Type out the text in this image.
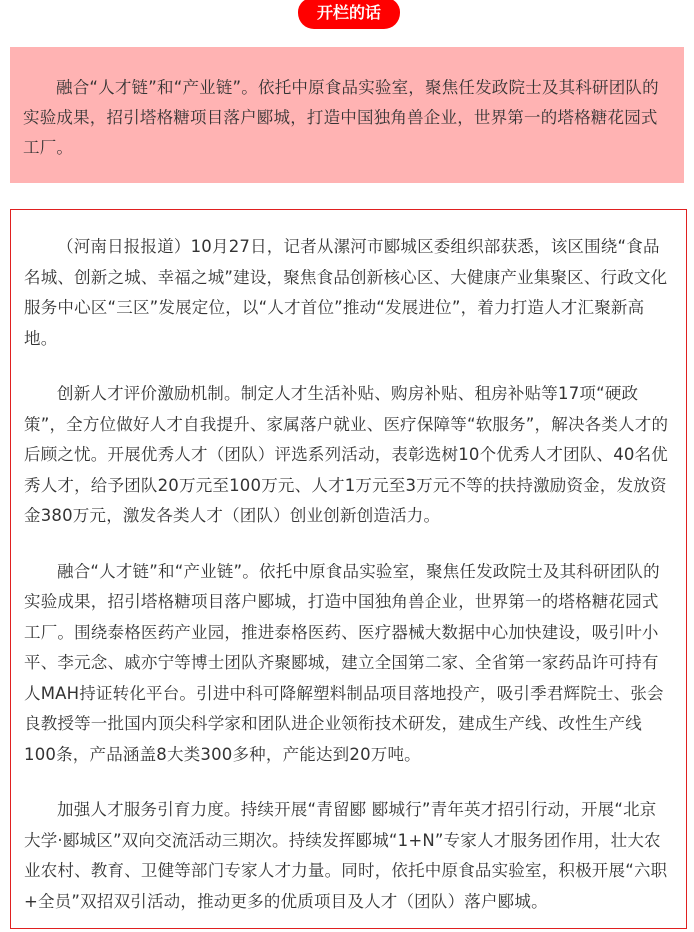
开栏的话

融合“人才链”和“产业链”。依托中原食品实验室，聚焦任发政院士及其科研团队的实验成果，招引塔格糖项目落户郾城，打造中国独角兽企业，世界第一的塔格糖花园式工厂。

（河南日报报道）10月27日，记者从漯河市郾城区委组织部获悉，该区围绕“食品名城、创新之城、幸福之城”建设，聚焦食品创新核心区、大健康产业集聚区、行政文化服务中心区“三区”发展定位，以“人才首位”推动“发展进位”，着力打造人才汇聚新高地。

创新人才评价激励机制。制定人才生活补贴、购房补贴、租房补贴等17项“硬政策”，全方位做好人才自我提升、家属落户就业、医疗保障等“软服务”，解决各类人才的后顾之忧。开展优秀人才（团队）评选系列活动，表彰选树10个优秀人才团队、40名优秀人才，给予团队20万元至100万元、人才1万元至3万元不等的扶持激励资金，发放资金380万元，激发各类人才（团队）创业创新创造活力。

融合“人才链”和“产业链”。依托中原食品实验室，聚焦任发政院士及其科研团队的实验成果，招引塔格糖项目落户郾城，打造中国独角兽企业，世界第一的塔格糖花园式工厂。围绕泰格医药产业园，推进泰格医药、医疗器械大数据中心加快建设，吸引叶小平、李元念、戚亦宁等博士团队齐聚郾城，建立全国第二家、全省第一家药品许可持有人MAH持证转化平台。引进中科可降解塑料制品项目落地投产，吸引季君辉院士、张会良教授等一批国内顶尖科学家和团队进企业领衔技术研发，建成生产线、改性生产线100条，产品涵盖8大类300多种，产能达到20万吨。

加强人才服务引育力度。持续开展“青留郾 郾城行”青年英才招引行动，开展“北京大学·郾城区”双向交流活动三期次。持续发挥郾城“1+N”专家人才服务团作用，壮大农业农村、教育、卫健等部门专家人才力量。同时，依托中原食品实验室，积极开展“六职+全员”双招双引活动，推动更多的优质项目及人才（团队）落户郾城。
